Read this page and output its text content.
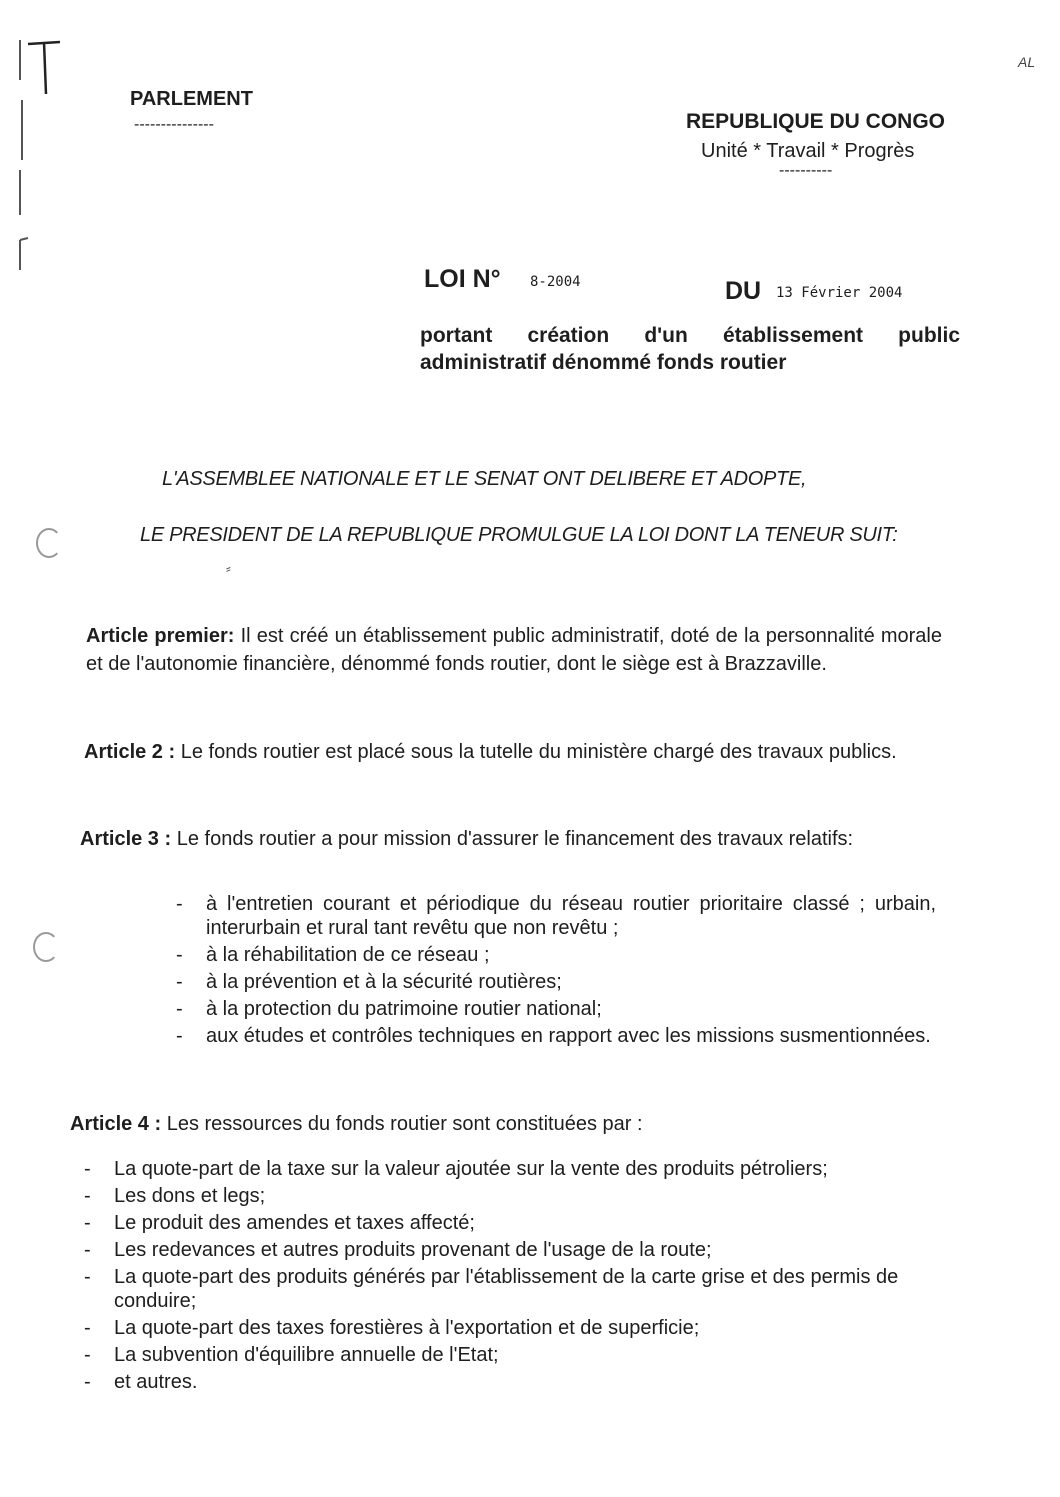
AL
PARLEMENT
---------------	REPUBLIQUE DU CONGO
Unité * Travail * Progrès
----------
LOI N° 8-2004	DU 13 Février 2004
portant création d'un établissement public administratif dénommé fonds routier
L'ASSEMBLEE NATIONALE ET LE SENAT ONT DELIBERE ET ADOPTE,
LE PRESIDENT DE LA REPUBLIQUE PROMULGUE LA LOI DONT LA TENEUR SUIT:
⸗
Article premier: Il est créé un établissement public administratif, doté de la personnalité morale et de l'autonomie financière, dénommé fonds routier, dont le siège est à Brazzaville.
Article 2 : Le fonds routier est placé sous la tutelle du ministère chargé des travaux publics.
Article 3 : Le fonds routier a pour mission d'assurer le financement des travaux relatifs:
- à l'entretien courant et périodique du réseau routier prioritaire classé ; urbain, interurbain et rural tant revêtu que non revêtu ;
- à la réhabilitation de ce réseau ;
- à la prévention et à la sécurité routières;
- à la protection du patrimoine routier national;
- aux études et contrôles techniques en rapport avec les missions susmentionnées.
Article 4 : Les ressources du fonds routier sont constituées par :
- La quote-part de la taxe sur la valeur ajoutée sur la vente des produits pétroliers;
- Les dons et legs;
- Le produit des amendes et taxes affecté;
- Les redevances et autres produits provenant de l'usage de la route;
- La quote-part des produits générés par l'établissement de la carte grise et des permis de conduire;
- La quote-part des taxes forestières à l'exportation et de superficie;
- La subvention d'équilibre annuelle de l'Etat;
- et autres.
